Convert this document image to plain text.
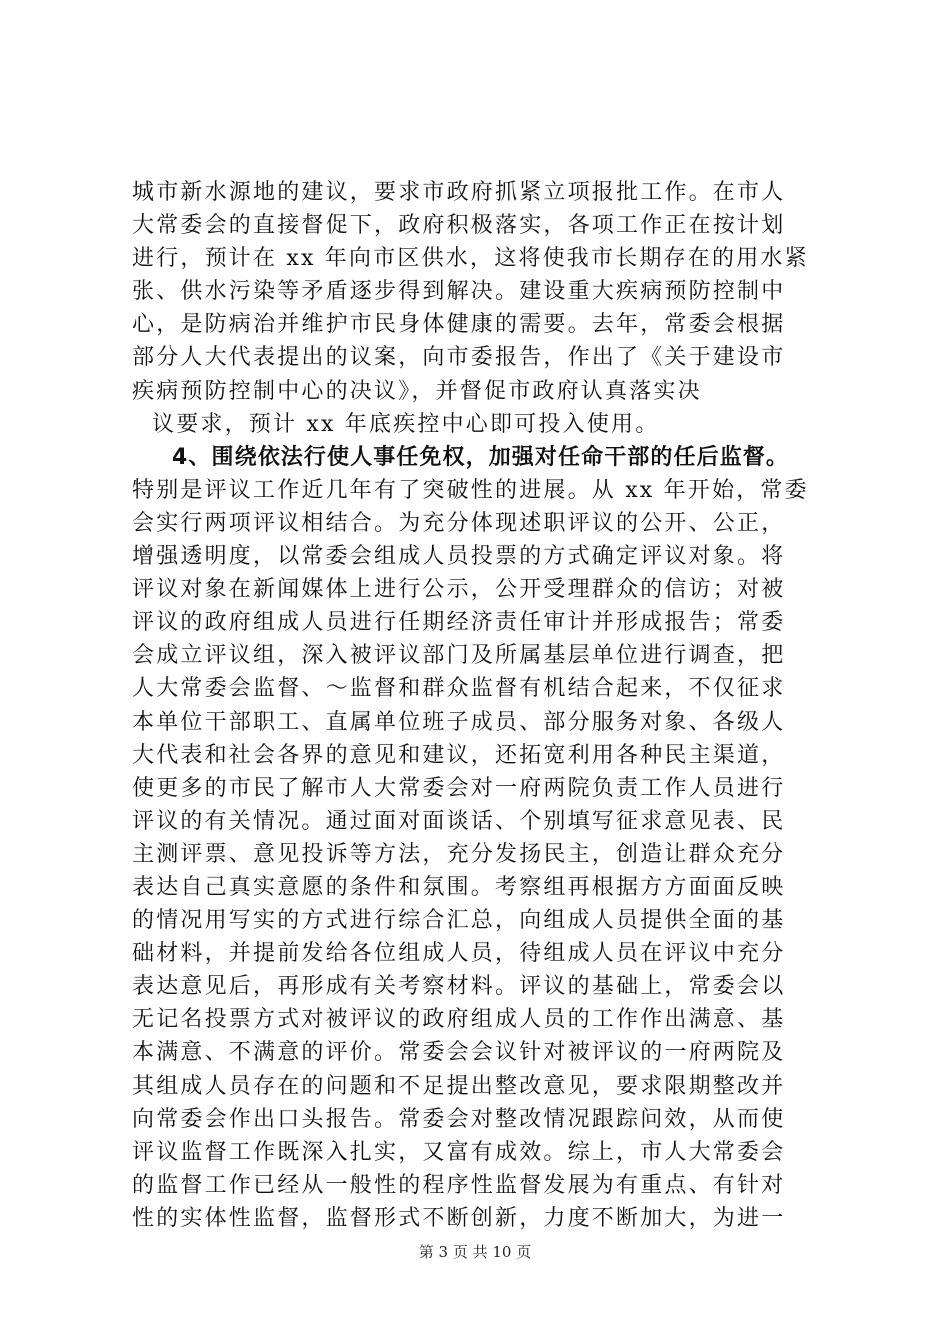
城市新水源地的建议，要求市政府抓紧立项报批工作。在市人
大常委会的直接督促下，政府积极落实，各项工作正在按计划
进行，预计在 xx 年向市区供水，这将使我市长期存在的用水紧
张、供水污染等矛盾逐步得到解决。建设重大疾病预防控制中
心，是防病治并维护市民身体健康的需要。去年，常委会根据
部分人大代表提出的议案，向市委报告，作出了《关于建设市
疾病预防控制中心的决议》，并督促市政府认真落实决
议要求，预计 xx 年底疾控中心即可投入使用。
4、围绕依法行使人事任免权，加强对任命干部的任后监督。
特别是评议工作近几年有了突破性的进展。从 xx 年开始，常委
会实行两项评议相结合。为充分体现述职评议的公开、公正，
增强透明度，以常委会组成人员投票的方式确定评议对象。将
评议对象在新闻媒体上进行公示，公开受理群众的信访；对被
评议的政府组成人员进行任期经济责任审计并形成报告；常委
会成立评议组，深入被评议部门及所属基层单位进行调查，把
人大常委会监督、～监督和群众监督有机结合起来，不仅征求
本单位干部职工、直属单位班子成员、部分服务对象、各级人
大代表和社会各界的意见和建议，还拓宽利用各种民主渠道，
使更多的市民了解市人大常委会对一府两院负责工作人员进行
评议的有关情况。通过面对面谈话、个别填写征求意见表、民
主测评票、意见投诉等方法，充分发扬民主，创造让群众充分
表达自己真实意愿的条件和氛围。考察组再根据方方面面反映
的情况用写实的方式进行综合汇总，向组成人员提供全面的基
础材料，并提前发给各位组成人员，待组成人员在评议中充分
表达意见后，再形成有关考察材料。评议的基础上，常委会以
无记名投票方式对被评议的政府组成人员的工作作出满意、基
本满意、不满意的评价。常委会会议针对被评议的一府两院及
其组成人员存在的问题和不足提出整改意见，要求限期整改并
向常委会作出口头报告。常委会对整改情况跟踪问效，从而使
评议监督工作既深入扎实，又富有成效。综上，市人大常委会
的监督工作已经从一般性的程序性监督发展为有重点、有针对
性的实体性监督，监督形式不断创新，力度不断加大，为进一
第 3 页 共 10 页
